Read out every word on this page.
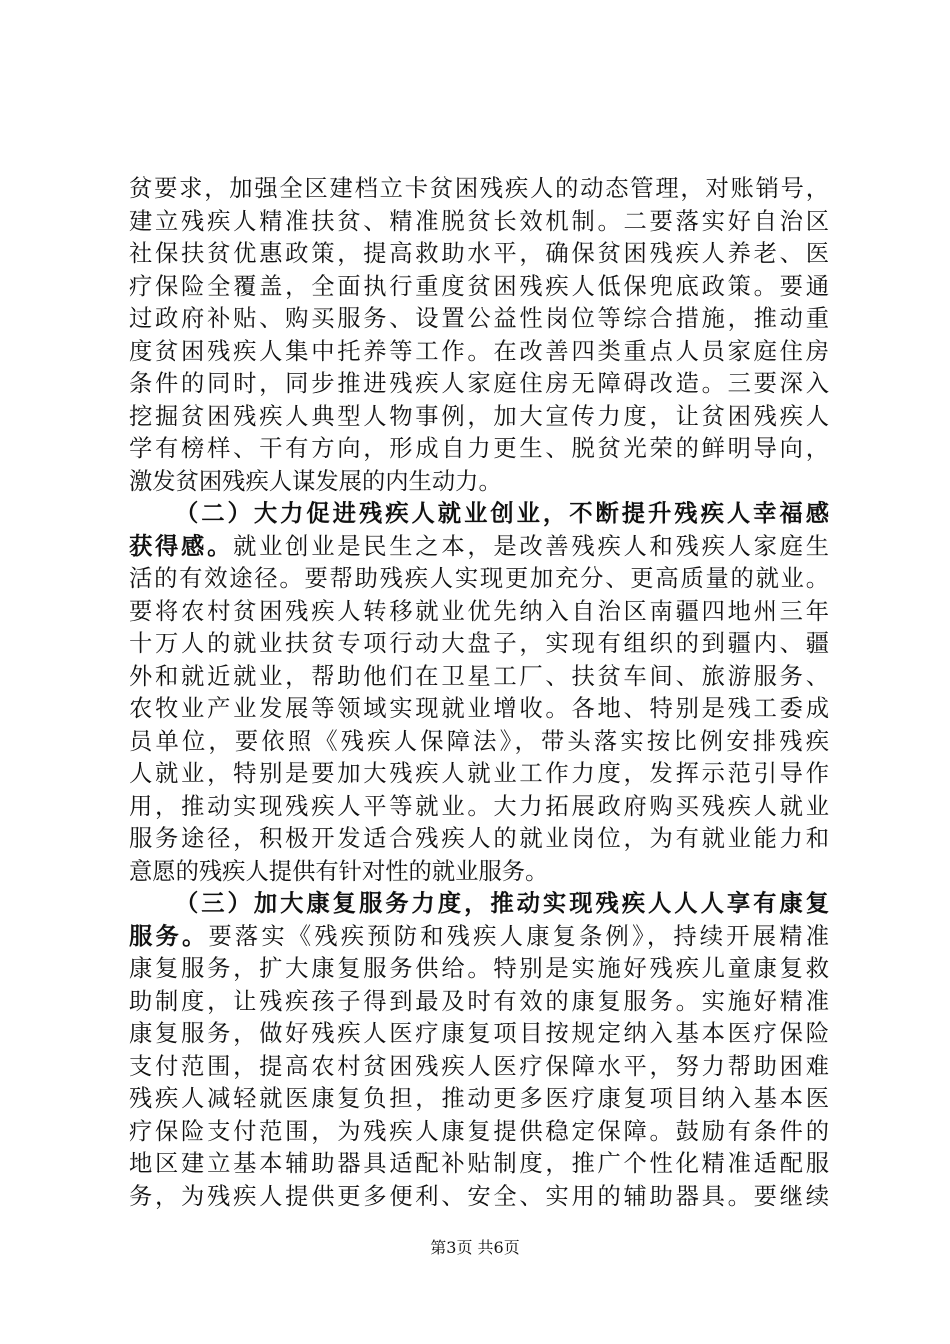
贫要求，加强全区建档立卡贫困残疾人的动态管理，对账销号，
建立残疾人精准扶贫、精准脱贫长效机制。二要落实好自治区
社保扶贫优惠政策，提高救助水平，确保贫困残疾人养老、医
疗保险全覆盖，全面执行重度贫困残疾人低保兜底政策。要通
过政府补贴、购买服务、设置公益性岗位等综合措施，推动重
度贫困残疾人集中托养等工作。在改善四类重点人员家庭住房
条件的同时，同步推进残疾人家庭住房无障碍改造。三要深入
挖掘贫困残疾人典型人物事例，加大宣传力度，让贫困残疾人
学有榜样、干有方向，形成自力更生、脱贫光荣的鲜明导向，
激发贫困残疾人谋发展的内生动力。
（二）大力促进残疾人就业创业，不断提升残疾人幸福感
获得感。就业创业是民生之本，是改善残疾人和残疾人家庭生
活的有效途径。要帮助残疾人实现更加充分、更高质量的就业。
要将农村贫困残疾人转移就业优先纳入自治区南疆四地州三年
十万人的就业扶贫专项行动大盘子，实现有组织的到疆内、疆
外和就近就业，帮助他们在卫星工厂、扶贫车间、旅游服务、
农牧业产业发展等领域实现就业增收。各地、特别是残工委成
员单位，要依照《残疾人保障法》，带头落实按比例安排残疾
人就业，特别是要加大残疾人就业工作力度，发挥示范引导作
用，推动实现残疾人平等就业。大力拓展政府购买残疾人就业
服务途径，积极开发适合残疾人的就业岗位，为有就业能力和
意愿的残疾人提供有针对性的就业服务。
（三）加大康复服务力度，推动实现残疾人人人享有康复
服务。要落实《残疾预防和残疾人康复条例》，持续开展精准
康复服务，扩大康复服务供给。特别是实施好残疾儿童康复救
助制度，让残疾孩子得到最及时有效的康复服务。实施好精准
康复服务，做好残疾人医疗康复项目按规定纳入基本医疗保险
支付范围，提高农村贫困残疾人医疗保障水平，努力帮助困难
残疾人减轻就医康复负担，推动更多医疗康复项目纳入基本医
疗保险支付范围，为残疾人康复提供稳定保障。鼓励有条件的
地区建立基本辅助器具适配补贴制度，推广个性化精准适配服
务，为残疾人提供更多便利、安全、实用的辅助器具。要继续
第3页 共6页
